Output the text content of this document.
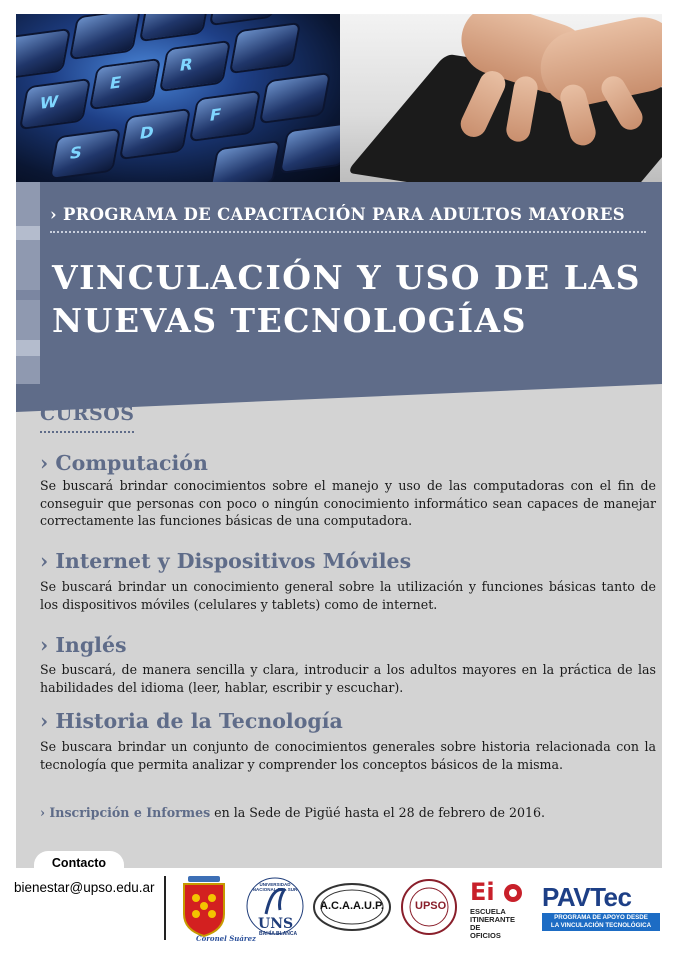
W
E
R
S
D
F
› PROGRAMA DE CAPACITACIÓN PARA ADULTOS MAYORES
VINCULACIÓN Y USO DE LAS
NUEVAS TECNOLOGÍAS
CURSOS
› Computación
Se buscará brindar conocimientos sobre el manejo y uso de las computadoras con el fin de conseguir que personas con poco o ningún conocimiento informático sean capaces de manejar correctamente las funciones básicas de una computadora.
› Internet y Dispositivos Móviles
Se buscará brindar un conocimiento general sobre la utilización y funciones básicas tanto de los dispositivos móviles (celulares y tablets) como de internet.
› Inglés
Se buscará, de manera sencilla y clara, introducir a los adultos mayores en la práctica de las habilidades del idioma (leer, hablar, escribir y escuchar).
› Historia de la Tecnología
Se buscara brindar un conjunto de conocimientos generales sobre historia relacionada con la tecnología que permita analizar y comprender los conceptos básicos de la misma.
› Inscripción e Informes en la Sede de Pigüé hasta el 28 de febrero de 2016.
Contacto
bienestar@upso.edu.ar
Coronel Suárez
UNIVERSIDAD NACIONAL DEL SUR
UNS
BAHÍA BLANCA
A.C.A.A.U.P.	UPSO Ei
ESCUELA
ITINERANTE
DE
OFICIOS
PAVTec
PROGRAMA DE APOYO DESDE
LA VINCULACIÓN TECNOLÓGICA
